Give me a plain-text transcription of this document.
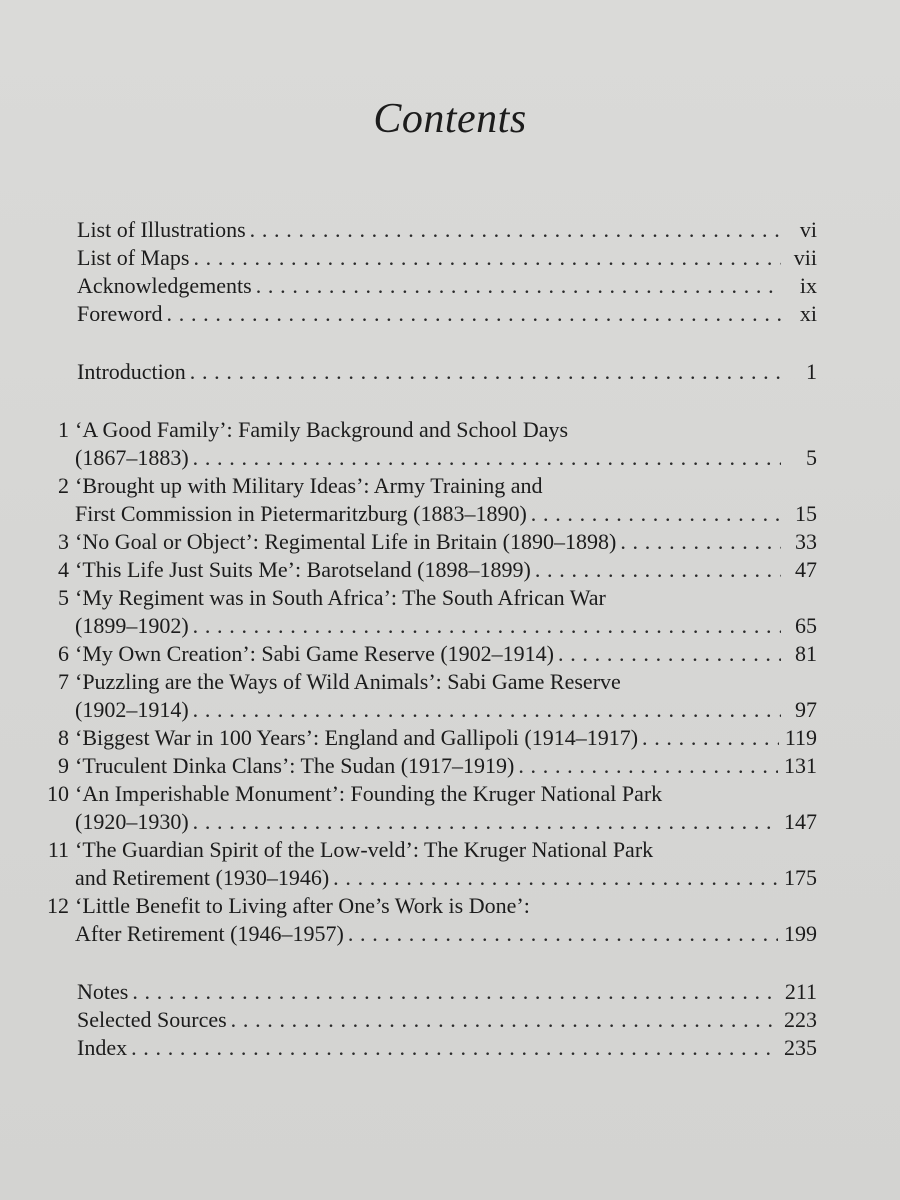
Contents
List of Illustrations . . .	vi
List of Maps . . .	vii
Acknowledgements . . .	ix
Foreword . . .	xi
Introduction . . .	1
1 ‘A Good Family’: Family Background and School Days
(1867–1883) . . .	5
2 ‘Brought up with Military Ideas’: Army Training and
First Commission in Pietermaritzburg (1883–1890) . . .	15
3 ‘No Goal or Object’: Regimental Life in Britain (1890–1898) . . .	33
4 ‘This Life Just Suits Me’: Barotseland (1898–1899) . . .	47
5 ‘My Regiment was in South Africa’: The South African War
(1899–1902) . . .	65
6 ‘My Own Creation’: Sabi Game Reserve (1902–1914) . . .	81
7 ‘Puzzling are the Ways of Wild Animals’: Sabi Game Reserve
(1902–1914) . . .	97
8 ‘Biggest War in 100 Years’: England and Gallipoli (1914–1917) . . .	119
9 ‘Truculent Dinka Clans’: The Sudan (1917–1919) . . .	131
10 ‘An Imperishable Monument’: Founding the Kruger National Park
(1920–1930) . . .	147
11 ‘The Guardian Spirit of the Low-veld’: The Kruger National Park
and Retirement (1930–1946) . . .	175
12 ‘Little Benefit to Living after One’s Work is Done’:
After Retirement (1946–1957) . . .	199
Notes . . .	211
Selected Sources . . .	223
Index . . .	235
